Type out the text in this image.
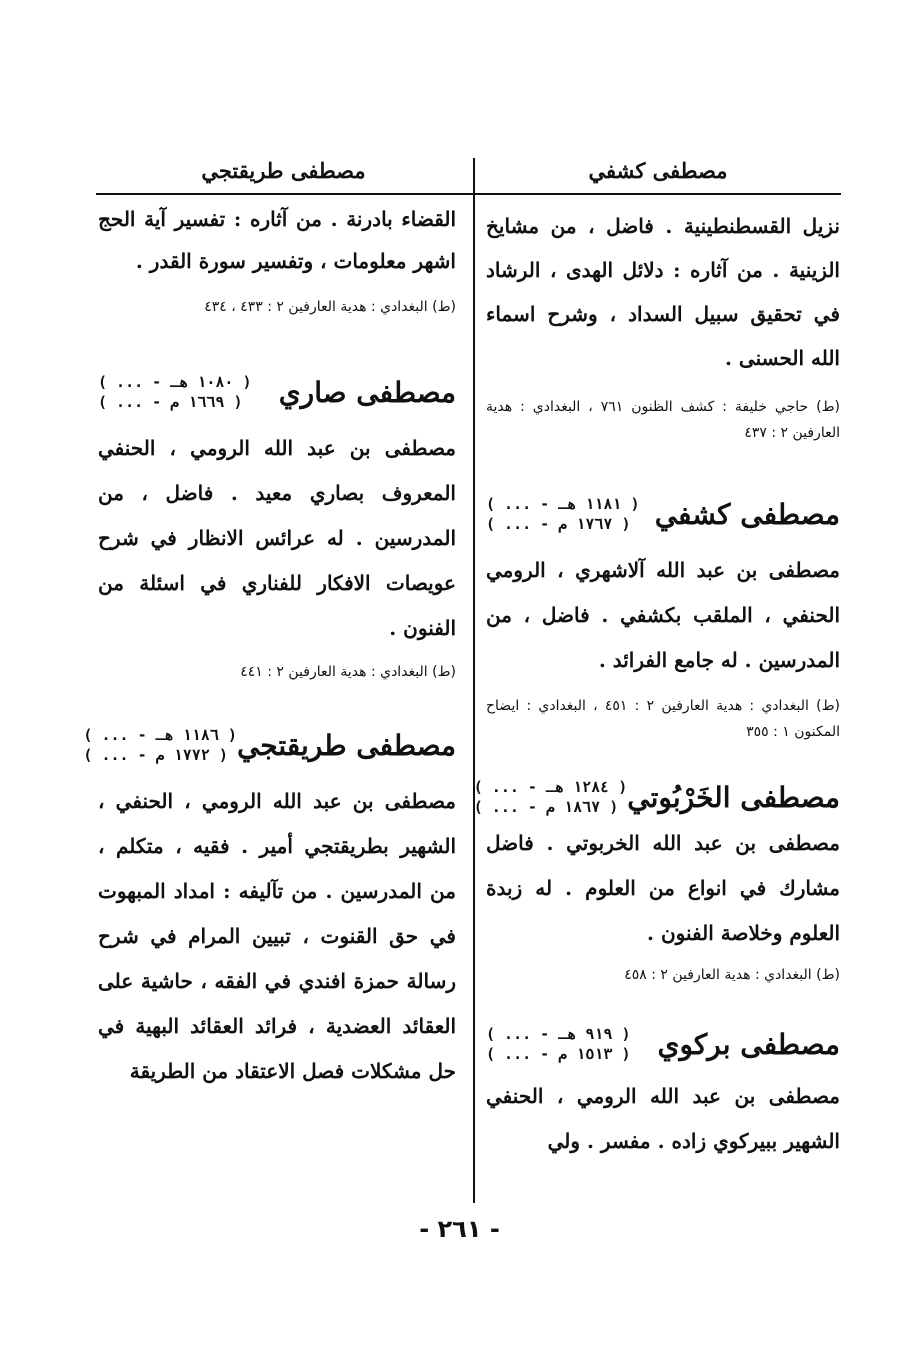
مصطفى كشفي
مصطفى طريقتجي

نزيل القسطنطينية . فاضل ، من مشايخ الزينية . من آثاره : دلائل الهدى ، الرشاد في تحقيق سبيل السداد ، وشرح اسماء الله الحسنى .

(ط) حاجي خليفة : كشف الظنون ٧٦١ ، البغدادي : هدية العارفين ٢ : ٤٣٧

مصطفى كشفي
( ... - ١١٨١ هـ )
( ... - ١٧٦٧ م )

مصطفى بن عبد الله آلاشهري ، الرومي الحنفي ، الملقب بكشفي . فاضل ، من المدرسين . له جامع الفرائد .

(ط) البغدادي : هدية العارفين ٢ : ٤٥١ ، البغدادي : ايضاح المكنون ١ : ٣٥٥

مصطفى الخَرْبُوتي
( ... - ١٢٨٤ هـ )
( ... - ١٨٦٧ م )

مصطفى بن عبد الله الخربوتي . فاضل مشارك في انواع من العلوم . له زبدة العلوم وخلاصة الفنون .

(ط) البغدادي : هدية العارفين ٢ : ٤٥٨

مصطفى بركوي
( ... - ٩١٩ هـ )
( ... - ١٥١٣ م )

مصطفى بن عبد الله الرومي ، الحنفي الشهير ببيركوي زاده . مفسر . ولي

القضاء بادرنة . من آثاره : تفسير آية الحج اشهر معلومات ، وتفسير سورة القدر .

(ط) البغدادي : هدية العارفين ٢ : ٤٣٣ ، ٤٣٤

مصطفى صاري
( ... - ١٠٨٠ هـ )
( ... - ١٦٦٩ م )

مصطفى بن عبد الله الرومي ، الحنفي المعروف بصاري معيد . فاضل ، من المدرسين . له عرائس الانظار في شرح عويصات الافكار للفناري في اسئلة من الفنون .

(ط) البغدادي : هدية العارفين ٢ : ٤٤١

مصطفى طريقتجي
( ... - ١١٨٦ هـ )
( ... - ١٧٧٢ م )

مصطفى بن عبد الله الرومي ، الحنفي ، الشهير بطريقتجي أمير . فقيه ، متكلم ، من المدرسين . من تآليفه : امداد المبهوت في حق القنوت ، تبيين المرام في شرح رسالة حمزة افندي في الفقه ، حاشية على العقائد العضدية ، فرائد العقائد البهية في حل مشكلات فصل الاعتقاد من الطريقة

- ٢٦١ -
